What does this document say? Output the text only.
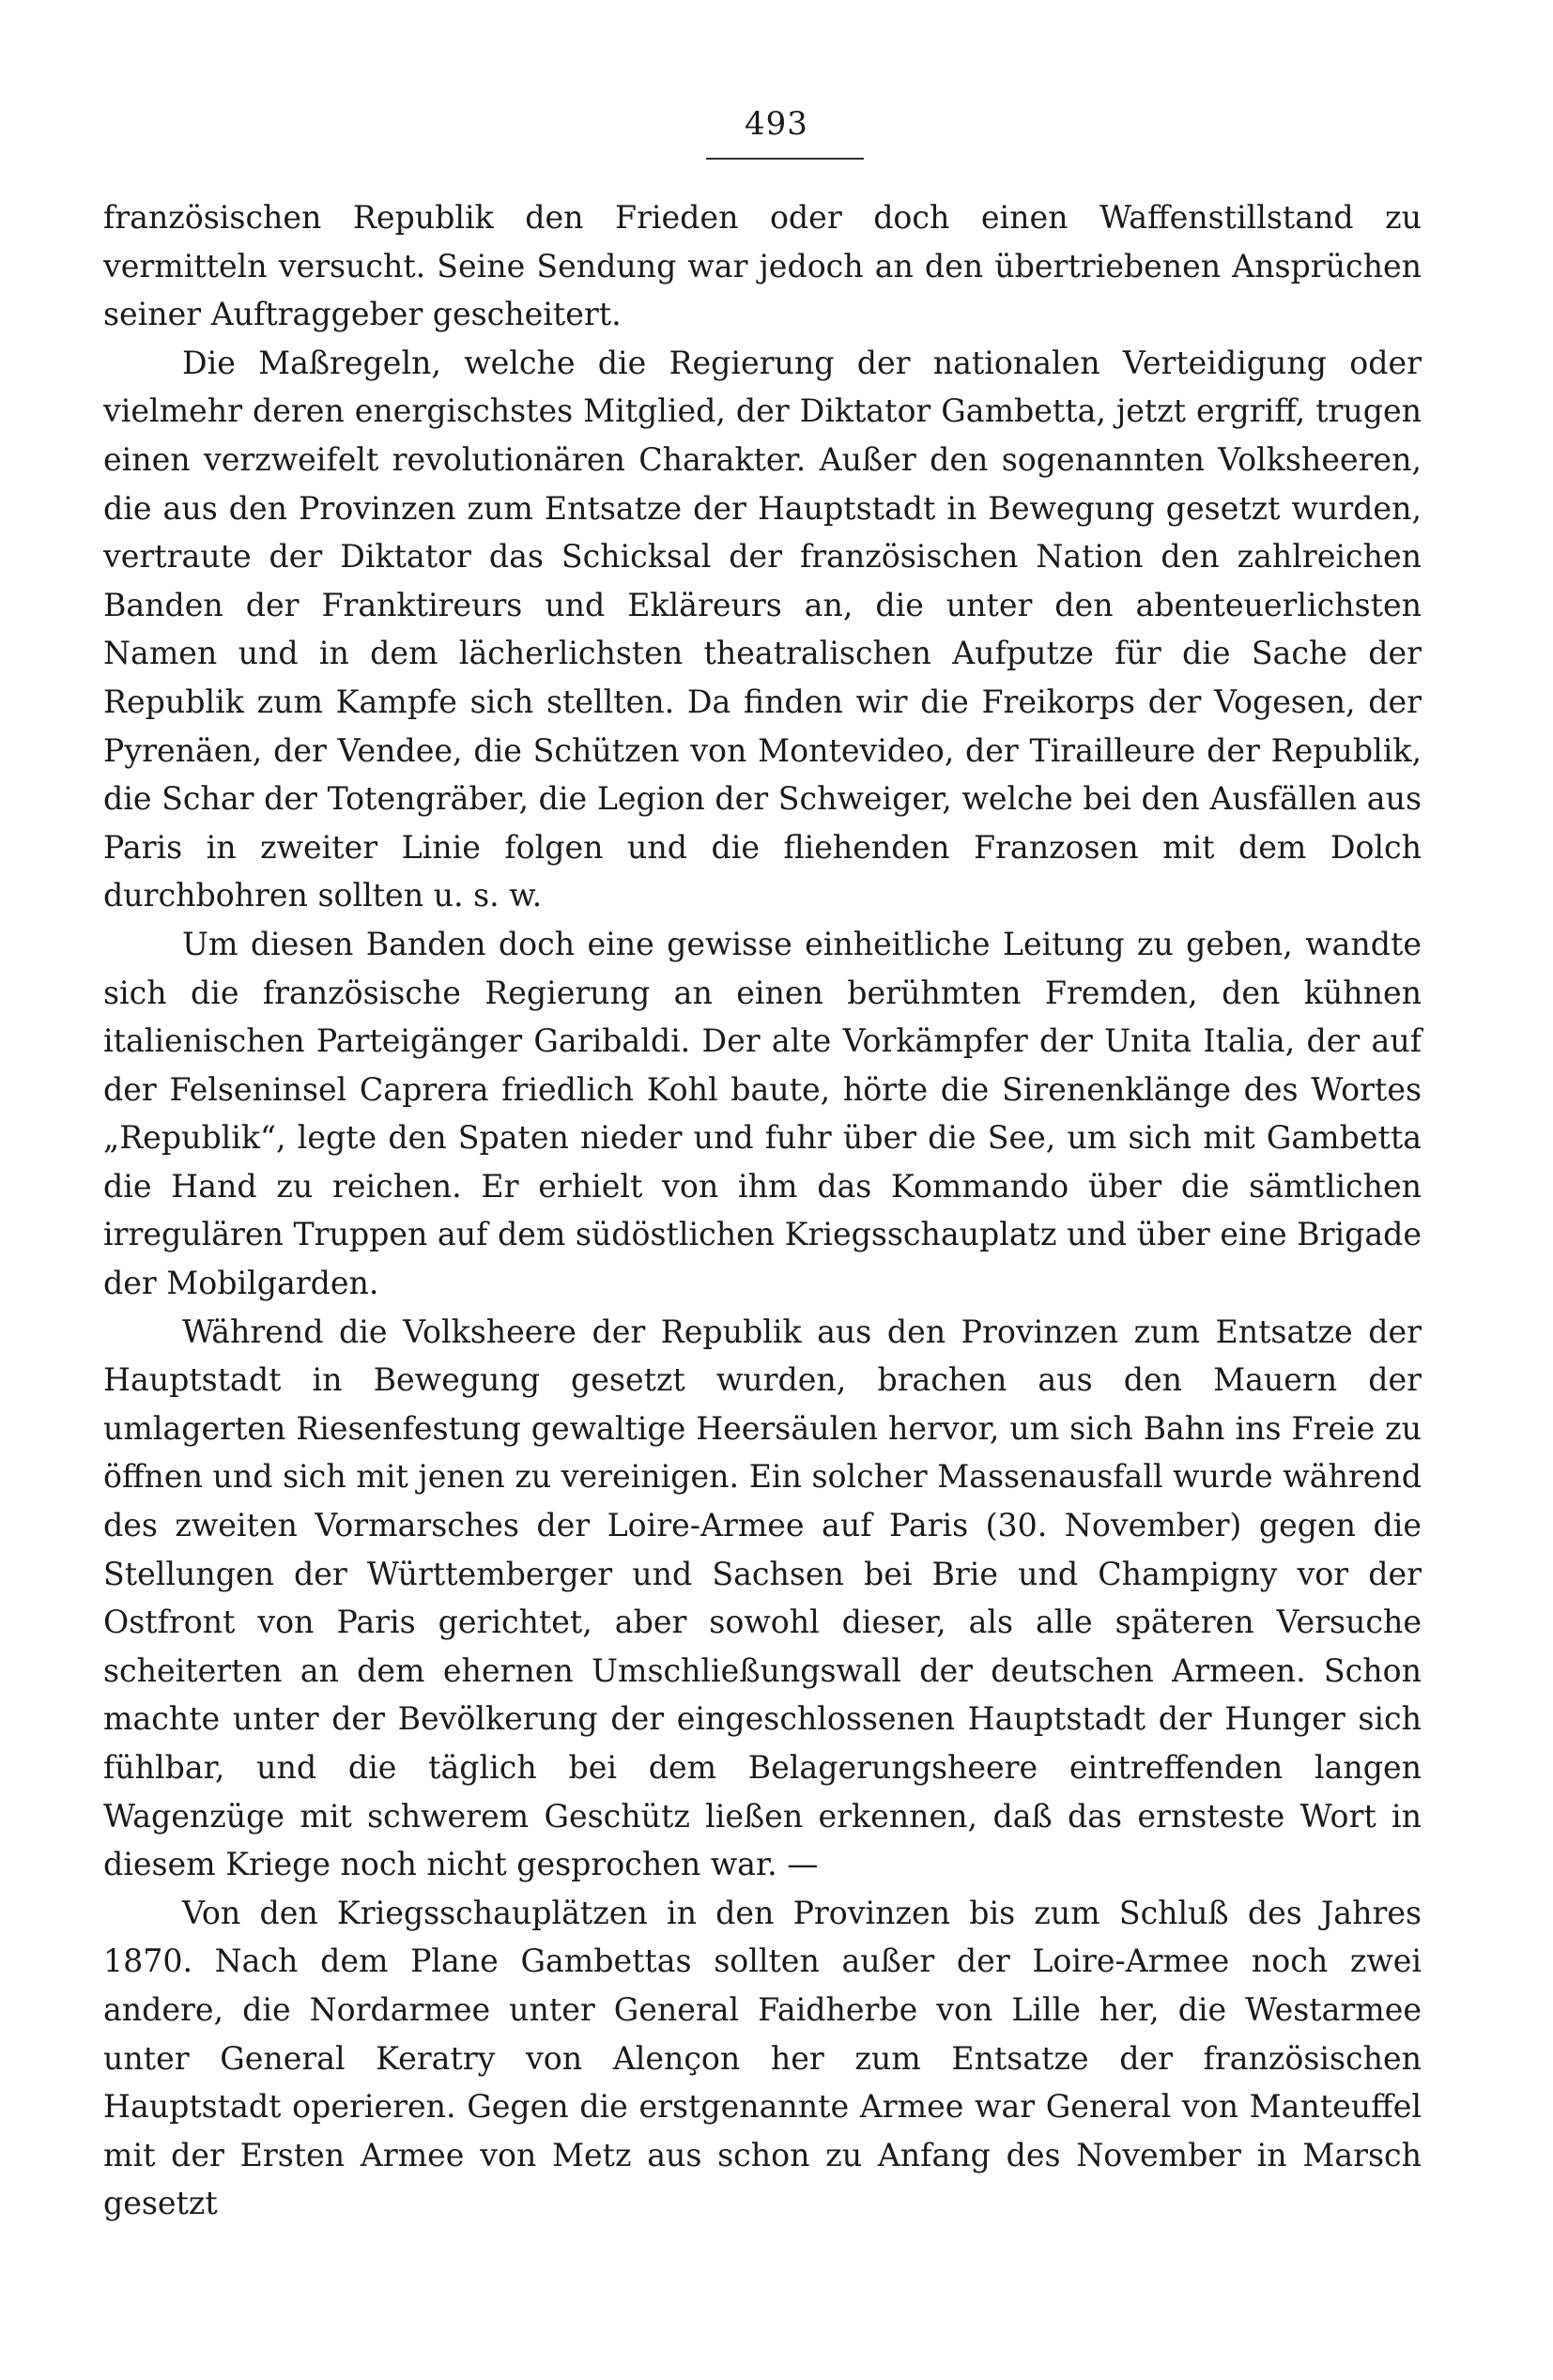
493

französischen Republik den Frieden oder doch einen Waffenstillstand zu vermitteln versucht. Seine Sendung war jedoch an den übertriebenen Ansprüchen seiner Auftraggeber gescheitert.

Die Maßregeln, welche die Regierung der nationalen Verteidigung oder vielmehr deren energischstes Mitglied, der Diktator Gambetta, jetzt ergriff, trugen einen verzweifelt revolutionären Charakter. Außer den sogenannten Volksheeren, die aus den Provinzen zum Entsatze der Hauptstadt in Bewegung gesetzt wurden, vertraute der Diktator das Schicksal der französischen Nation den zahlreichen Banden der Franktireurs und Ekläreurs an, die unter den abenteuerlichsten Namen und in dem lächerlichsten theatralischen Aufputze für die Sache der Republik zum Kampfe sich stellten. Da finden wir die Freikorps der Vogesen, der Pyrenäen, der Vendee, die Schützen von Montevideo, der Tirailleure der Republik, die Schar der Totengräber, die Legion der Schweiger, welche bei den Ausfällen aus Paris in zweiter Linie folgen und die fliehenden Franzosen mit dem Dolch durchbohren sollten u. s. w.

Um diesen Banden doch eine gewisse einheitliche Leitung zu geben, wandte sich die französische Regierung an einen berühmten Fremden, den kühnen italienischen Parteigänger Garibaldi. Der alte Vorkämpfer der Unita Italia, der auf der Felseninsel Caprera friedlich Kohl baute, hörte die Sirenenklänge des Wortes „Republik“, legte den Spaten nieder und fuhr über die See, um sich mit Gambetta die Hand zu reichen. Er erhielt von ihm das Kommando über die sämtlichen irregulären Truppen auf dem südöstlichen Kriegsschauplatz und über eine Brigade der Mobilgarden.

Während die Volksheere der Republik aus den Provinzen zum Entsatze der Hauptstadt in Bewegung gesetzt wurden, brachen aus den Mauern der umlagerten Riesenfestung gewaltige Heersäulen hervor, um sich Bahn ins Freie zu öffnen und sich mit jenen zu vereinigen. Ein solcher Massenausfall wurde während des zweiten Vormarsches der Loire-Armee auf Paris (30. November) gegen die Stellungen der Württemberger und Sachsen bei Brie und Champigny vor der Ostfront von Paris gerichtet, aber sowohl dieser, als alle späteren Versuche scheiterten an dem ehernen Umschließungswall der deutschen Armeen. Schon machte unter der Bevölkerung der eingeschlossenen Hauptstadt der Hunger sich fühlbar, und die täglich bei dem Belagerungsheere eintreffenden langen Wagenzüge mit schwerem Geschütz ließen erkennen, daß das ernsteste Wort in diesem Kriege noch nicht gesprochen war. —

Von den Kriegsschauplätzen in den Provinzen bis zum Schluß des Jahres 1870. Nach dem Plane Gambettas sollten außer der Loire-Armee noch zwei andere, die Nordarmee unter General Faidherbe von Lille her, die Westarmee unter General Keratry von Alençon her zum Entsatze der französischen Hauptstadt operieren. Gegen die erstgenannte Armee war General von Manteuffel mit der Ersten Armee von Metz aus schon zu Anfang des November in Marsch gesetzt
